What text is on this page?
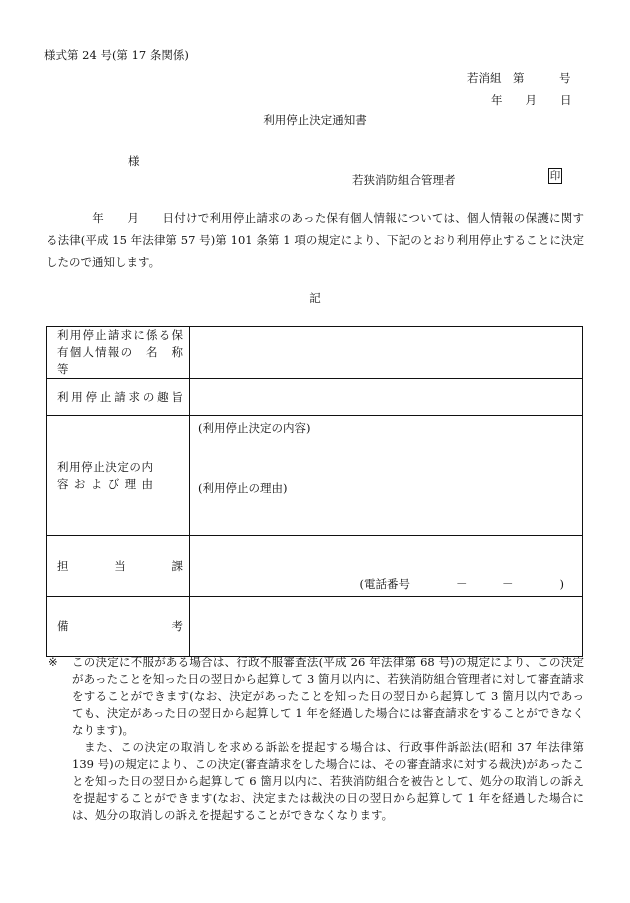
様式第 24 号(第 17 条関係)
若消組　第　　　号
年　　月　　日
利用停止決定通知書
様
若狭消防組合管理者	印
年　　月　　日付けで利用停止請求のあった保有個人情報については、個人情報の保護に関する法律(平成 15 年法律第 57 号)第 101 条第 1 項の規定により、下記のとおり利用停止することに決定したので通知します。
記
利用停止請求に係る保有個人情報の　名　称　等	

利用停止請求の趣旨	

利用停止決定の内容および理由	(利用停止決定の内容)
(利用停止の理由)

担　　当　　課	(電話番号　　　　－　　　－　　　　)

備　　　　考	

※ この決定に不服がある場合は、行政不服審査法(平成 26 年法律第 68 号)の規定により、この決定があったことを知った日の翌日から起算して 3 箇月以内に、若狭消防組合管理者に対して審査請求をすることができます(なお、決定があったことを知った日の翌日から起算して 3 箇月以内であっても、決定があった日の翌日から起算して 1 年を経過した場合には審査請求をすることができなくなります)。
また、この決定の取消しを求める訴訟を提起する場合は、行政事件訴訟法(昭和 37 年法律第 139 号)の規定により、この決定(審査請求をした場合には、その審査請求に対する裁決)があったことを知った日の翌日から起算して 6 箇月以内に、若狭消防組合を被告として、処分の取消しの訴えを提起することができます(なお、決定または裁決の日の翌日から起算して 1 年を経過した場合には、処分の取消しの訴えを提起することができなくなります。
